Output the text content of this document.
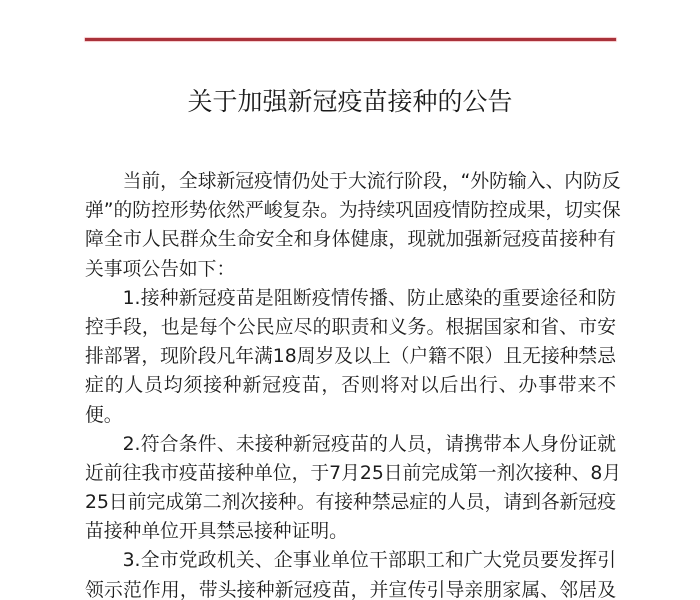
关于加强新冠疫苗接种的公告
当前，全球新冠疫情仍处于大流行阶段，“外防输入、内防反
弹”的防控形势依然严峻复杂。为持续巩固疫情防控成果，切实保
障全市人民群众生命安全和身体健康，现就加强新冠疫苗接种有
关事项公告如下：
1.接种新冠疫苗是阻断疫情传播、防止感染的重要途径和防
控手段，也是每个公民应尽的职责和义务。根据国家和省、市安
排部署，现阶段凡年满18周岁及以上（户籍不限）且无接种禁忌
症的人员均须接种新冠疫苗，否则将对以后出行、办事带来不
便。
2.符合条件、未接种新冠疫苗的人员，请携带本人身份证就
近前往我市疫苗接种单位，于7月25日前完成第一剂次接种、8月
25日前完成第二剂次接种。有接种禁忌症的人员，请到各新冠疫
苗接种单位开具禁忌接种证明。
3.全市党政机关、企事业单位干部职工和广大党员要发挥引
领示范作用，带头接种新冠疫苗，并宣传引导亲朋家属、邻居及
